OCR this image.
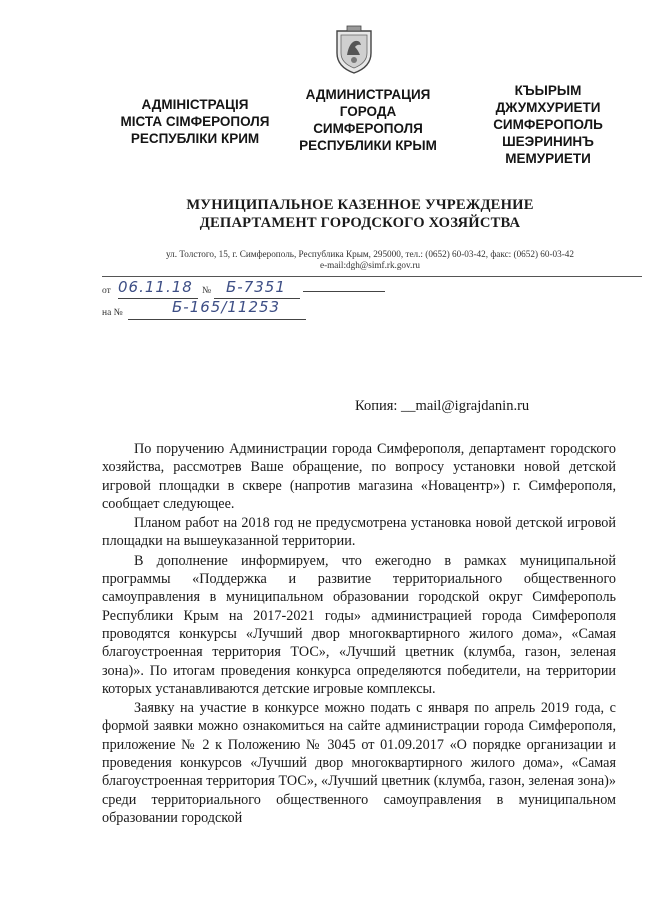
АДМІНІСТРАЦІЯ
МІСТА СІМФЕРОПОЛЯ
РЕСПУБЛІКИ КРИМ
АДМИНИСТРАЦИЯ
ГОРОДА
СИМФЕРОПОЛЯ
РЕСПУБЛИКИ КРЫМ
КЪЫРЫМ
ДЖУМХУРИЕТИ
СИМФЕРОПОЛЬ
ШЕЭРИНИНЪ
МЕМУРИЕТИ
МУНИЦИПАЛЬНОЕ КАЗЕННОЕ УЧРЕЖДЕНИЕ
ДЕПАРТАМЕНТ ГОРОДСКОГО ХОЗЯЙСТВА
ул. Толстого, 15, г. Симферополь, Республика Крым, 295000, тел.: (0652) 60-03-42, факс: (0652) 60-03-42
e-mail:dgh@simf.rk.gov.ru
от 06.11.18 № Б-7351
на №	Б-165/11253
Копия: __mail@igrajdanin.ru

По поручению Администрации города Симферополя, департамент городского хозяйства, рассмотрев Ваше обращение, по вопросу установки новой детской игровой площадки в сквере (напротив магазина «Новацентр») г. Симферополя, сообщает следующее.

Планом работ на 2018 год не предусмотрена установка новой детской игровой площадки на вышеуказанной территории.

В дополнение информируем, что ежегодно в рамках муниципальной программы «Поддержка и развитие территориального общественного самоуправления в муниципальном образовании городской округ Симферополь Республики Крым на 2017-2021 годы» администрацией города Симферополя проводятся конкурсы «Лучший двор многоквартирного жилого дома», «Самая благоустроенная территория ТОС», «Лучший цветник (клумба, газон, зеленая зона)». По итогам проведения конкурса определяются победители, на территории которых устанавливаются детские игровые комплексы.

Заявку на участие в конкурсе можно подать с января по апрель 2019 года, с формой заявки можно ознакомиться на сайте администрации города Симферополя, приложение № 2 к Положению № 3045 от 01.09.2017 «О порядке организации и проведения конкурсов «Лучший двор многоквартирного жилого дома», «Самая благоустроенная территория ТОС», «Лучший цветник (клумба, газон, зеленая зона)» среди территориального общественного самоуправления в муниципальном образовании городской
